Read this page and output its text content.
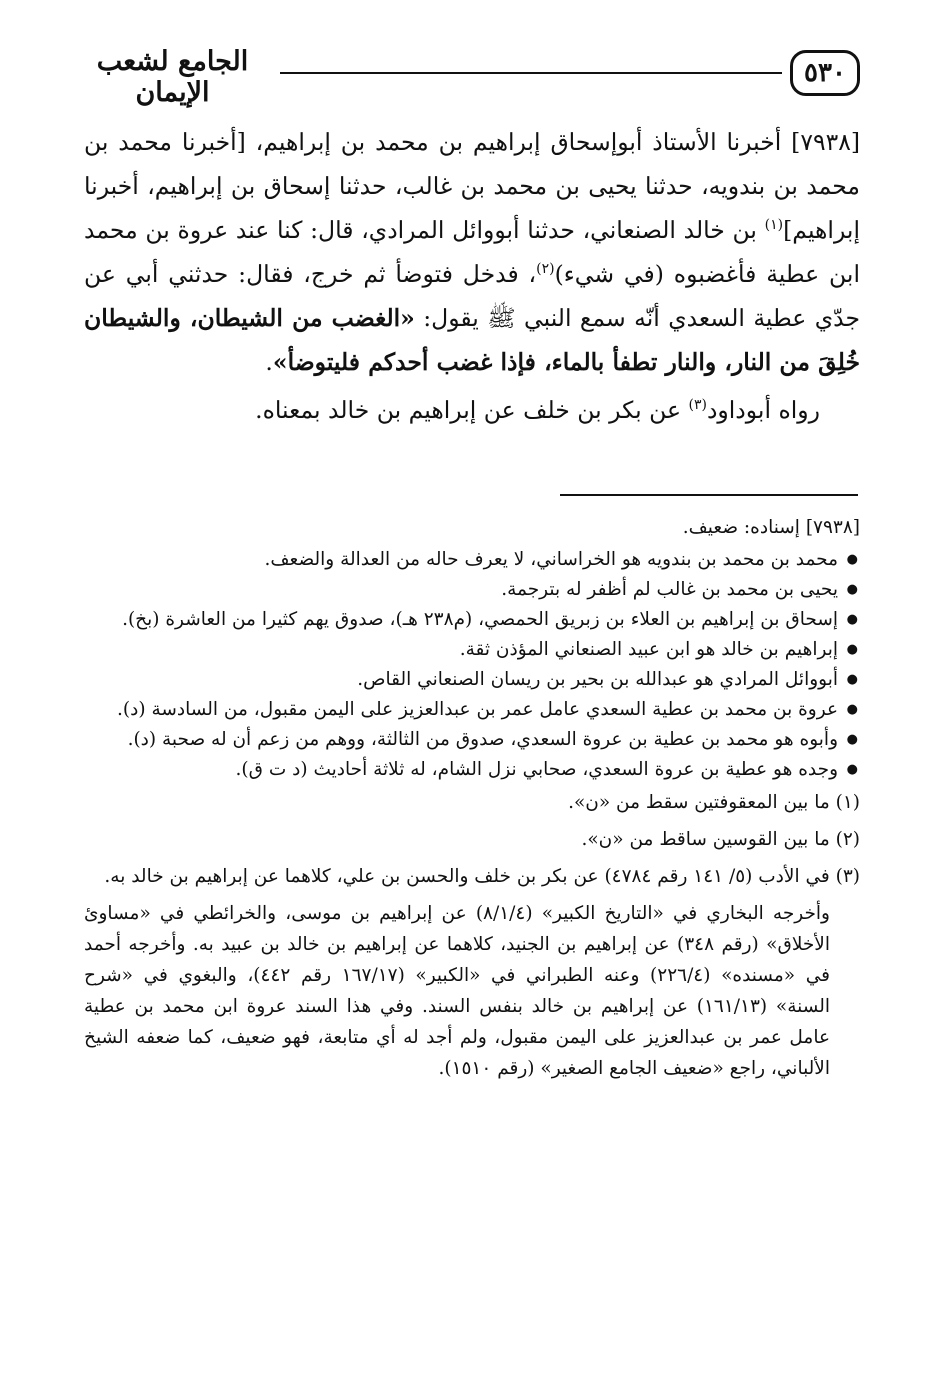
الجامع لشعب الإيمان
٥٣٠

[٧٩٣٨] أخبرنا الأستاذ أبوإسحاق إبراهيم بن محمد بن إبراهيم، [أخبرنا محمد بن محمد بن بندويه، حدثنا يحيى بن محمد بن غالب، حدثنا إسحاق بن إبراهيم، أخبرنا إبراهيم]$^{(١)}$ بن خالد الصنعاني، حدثنا أبووائل المرادي، قال: كنا عند عروة بن محمد ابن عطية فأغضبوه (في شيء)$^{(٢)}$، فدخل فتوضأ ثم خرج، فقال: حدثني أبي عن جدّي عطية السعدي أنّه سمع النبي ﷺ يقول: «الغضب من الشيطان، والشيطان خُلِقَ من النار، والنار تطفأ بالماء، فإذا غضب أحدكم فليتوضأ».

رواه أبوداود$^{(٣)}$ عن بكر بن خلف عن إبراهيم بن خالد بمعناه.

[٧٩٣٨] إسناده: ضعيف.

● محمد بن محمد بن بندويه هو الخراساني، لا يعرف حاله من العدالة والضعف.
● يحيى بن محمد بن غالب لم أظفر له بترجمة.
● إسحاق بن إبراهيم بن العلاء بن زبريق الحمصي، (م٢٣٨ هـ)، صدوق يهم كثيرا من العاشرة (بخ).
● إبراهيم بن خالد هو ابن عبيد الصنعاني المؤذن ثقة.
● أبووائل المرادي هو عبدالله بن بحير بن ريسان الصنعاني القاص.
● عروة بن محمد بن عطية السعدي عامل عمر بن عبدالعزيز على اليمن مقبول، من السادسة (د).
● وأبوه هو محمد بن عطية بن عروة السعدي، صدوق من الثالثة، ووهم من زعم أن له صحبة (د).
● وجده هو عطية بن عروة السعدي، صحابي نزل الشام، له ثلاثة أحاديث (د ت ق).

(١) ما بين المعقوفتين سقط من «ن».

(٢) ما بين القوسين ساقط من «ن».

(٣) في الأدب (٥/ ١٤١ رقم ٤٧٨٤) عن بكر بن خلف والحسن بن علي، كلاهما عن إبراهيم بن خالد به.

وأخرجه البخاري في «التاريخ الكبير» (٨/١/٤) عن إبراهيم بن موسى، والخرائطي في «مساوئ الأخلاق» (رقم ٣٤٨) عن إبراهيم بن الجنيد، كلاهما عن إبراهيم بن خالد بن عبيد به. وأخرجه أحمد في «مسنده» (٢٢٦/٤) وعنه الطبراني في «الكبير» (١٦٧/١٧ رقم ٤٤٢)، والبغوي في «شرح السنة» (١٦١/١٣) عن إبراهيم بن خالد بنفس السند. وفي هذا السند عروة ابن محمد بن عطية عامل عمر بن عبدالعزيز على اليمن مقبول، ولم أجد له أي متابعة، فهو ضعيف، كما ضعفه الشيخ الألباني، راجع «ضعيف الجامع الصغير» (رقم ١٥١٠).
